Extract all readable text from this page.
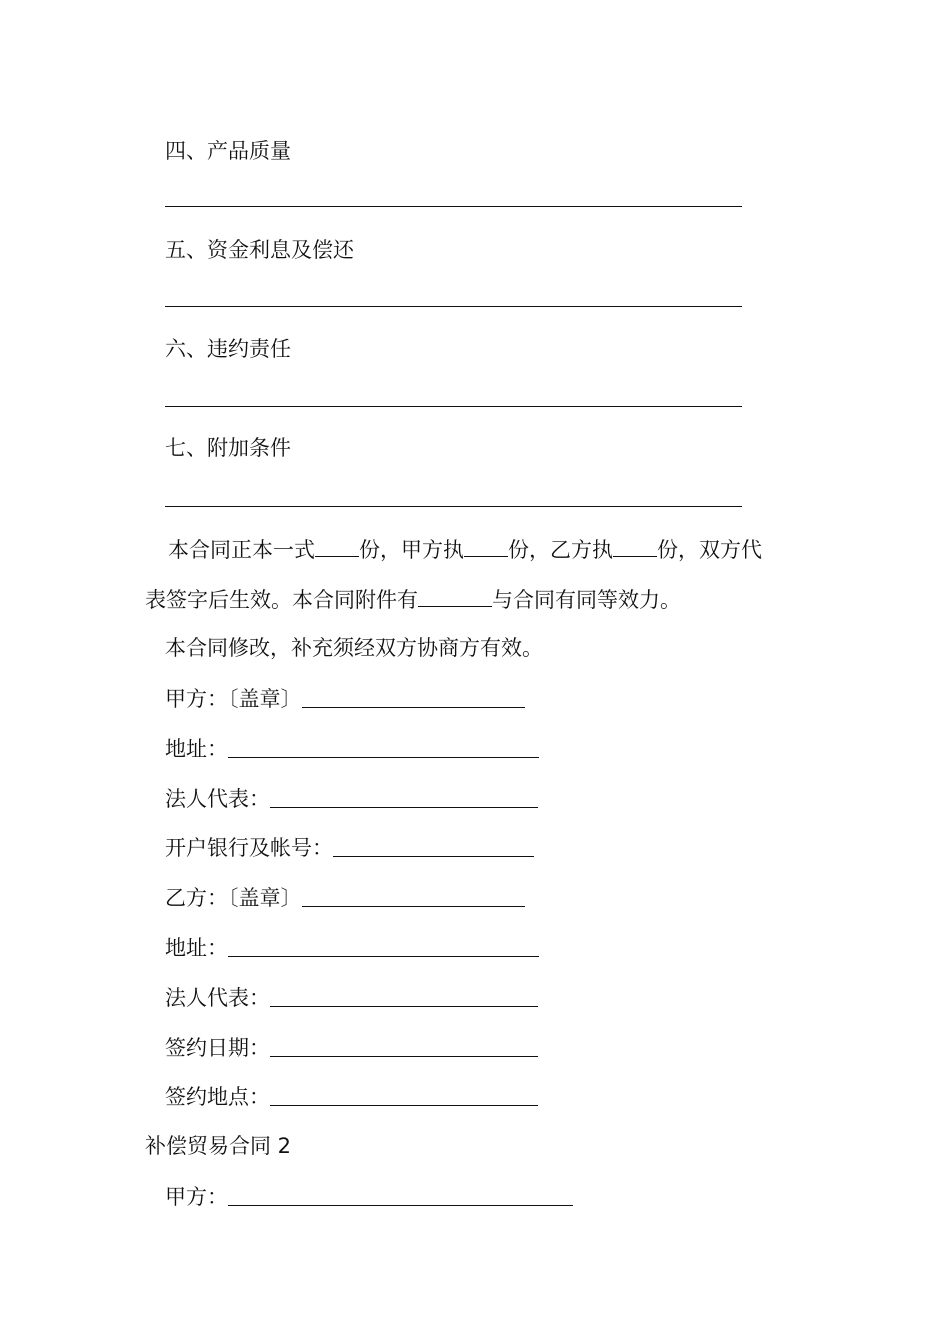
四、产品质量
五、资金利息及偿还
六、违约责任
七、附加条件
本合同正本一式 份，甲方执 份，乙方执 份，双方代
表签字后生效。本合同附件有	与合同有同等效力。
本合同修改，补充须经双方协商方有效。
甲方：〔盖章〕
地址：
法人代表：
开户银行及帐号：
乙方：〔盖章〕
地址：
法人代表：
签约日期：
签约地点：
补偿贸易合同 2
甲方：
